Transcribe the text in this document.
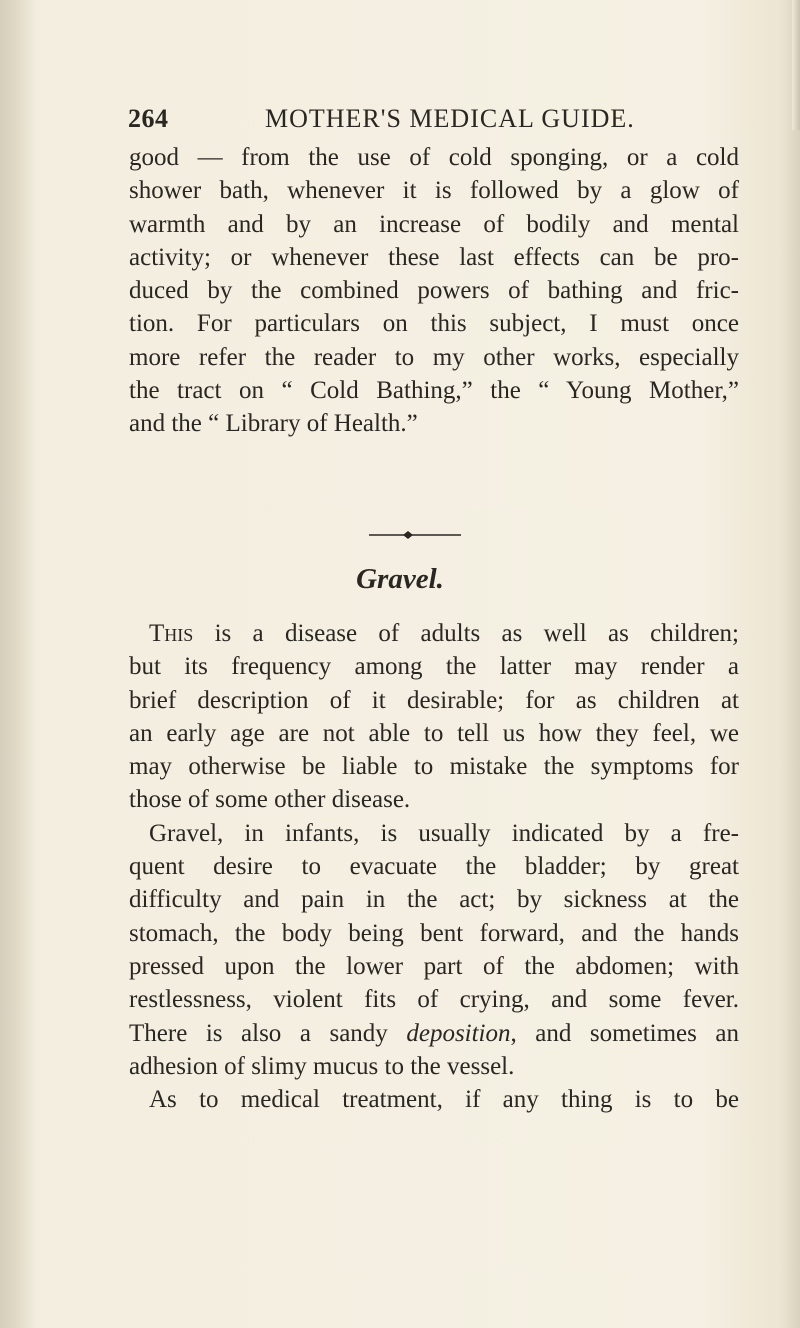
264	MOTHER'S MEDICAL GUIDE.
good — from the use of cold sponging, or a cold
shower bath, whenever it is followed by a glow of
warmth and by an increase of bodily and mental
activity; or whenever these last effects can be pro-
duced by the combined powers of bathing and fric-
tion. For particulars on this subject, I must once
more refer the reader to my other works, especially
the tract on “ Cold Bathing,” the “ Young Mother,”
and the “ Library of Health.”
Gravel.
This is a disease of adults as well as children;
but its frequency among the latter may render a
brief description of it desirable; for as children at
an early age are not able to tell us how they feel, we
may otherwise be liable to mistake the symptoms for
those of some other disease.
Gravel, in infants, is usually indicated by a fre-
quent desire to evacuate the bladder; by great
difficulty and pain in the act; by sickness at the
stomach, the body being bent forward, and the hands
pressed upon the lower part of the abdomen; with
restlessness, violent fits of crying, and some fever.
There is also a sandy deposition, and sometimes an
adhesion of slimy mucus to the vessel.
As to medical treatment, if any thing is to be
